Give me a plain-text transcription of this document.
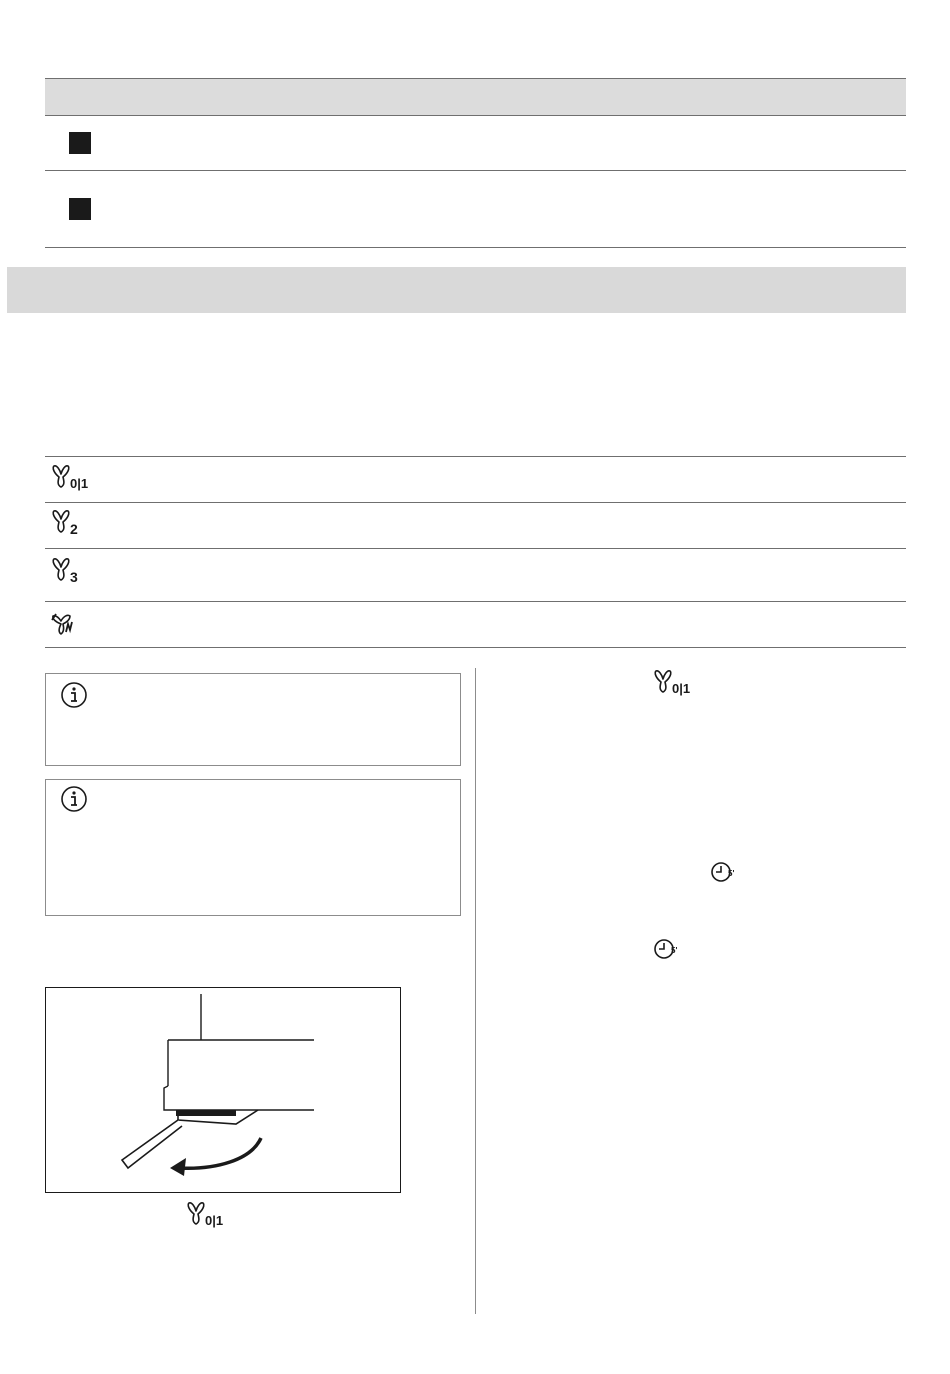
0|1
2
3
0|1
0|1
5'
5'
